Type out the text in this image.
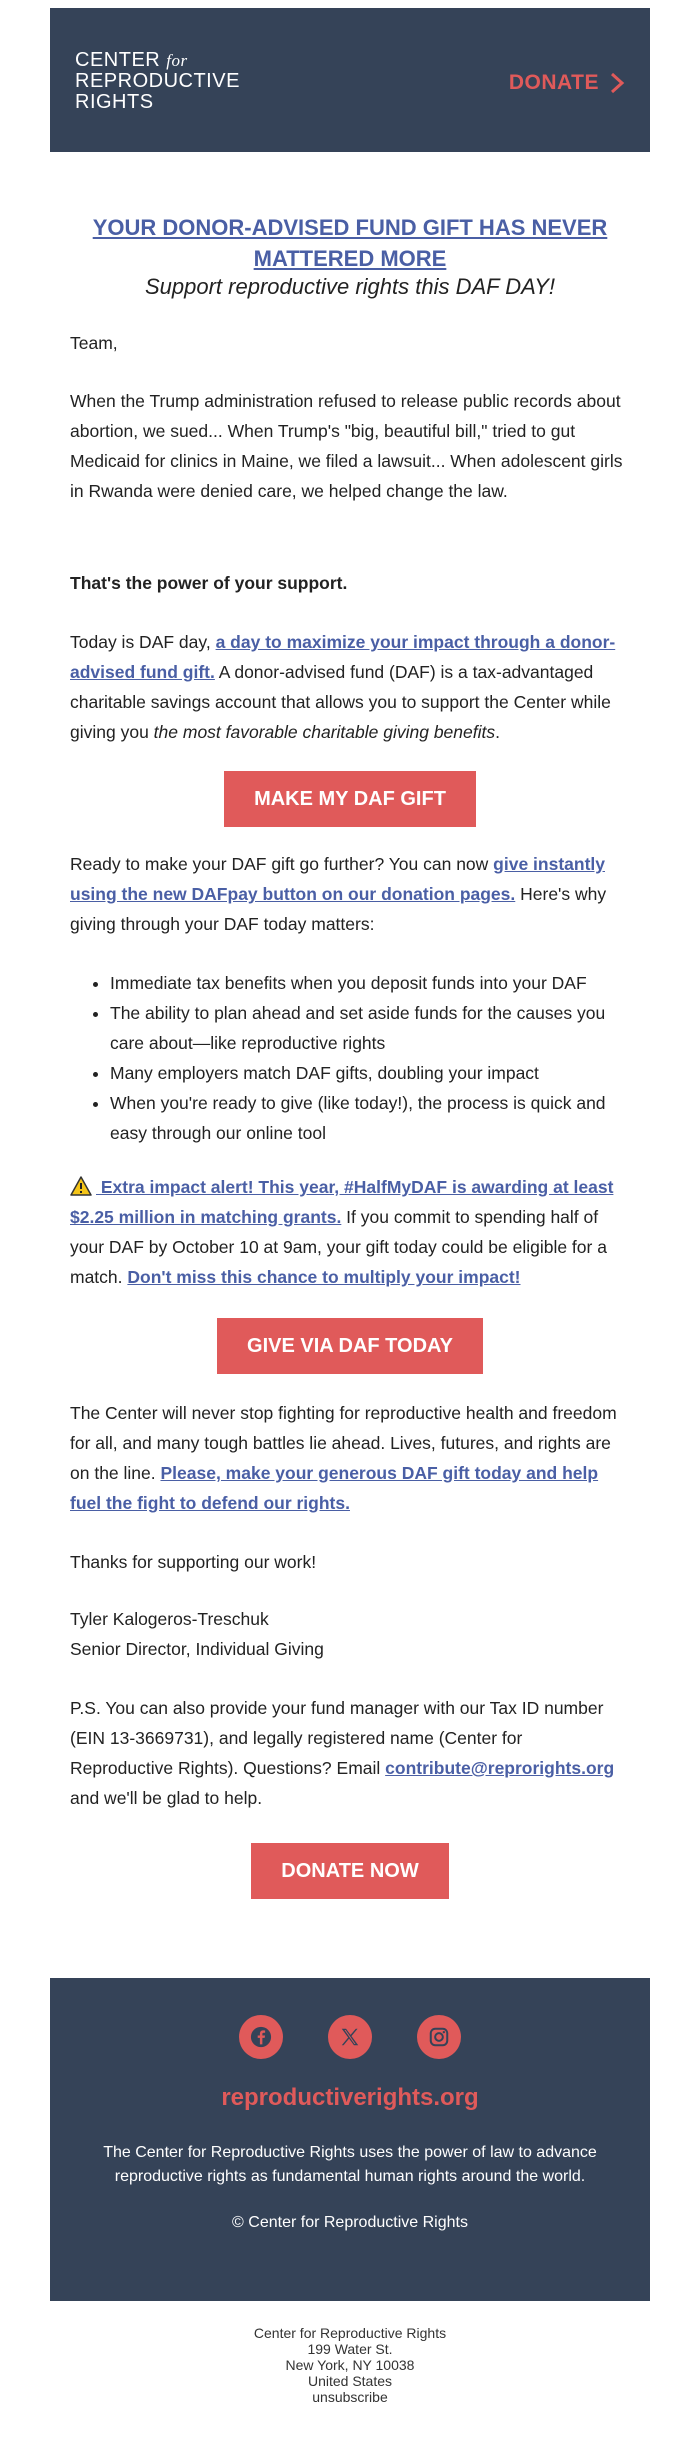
CENTER for
REPRODUCTIVE
RIGHTS
DONATE
YOUR DONOR-ADVISED FUND GIFT HAS NEVER MATTERED MORE
Support reproductive rights this DAF DAY!
Team,
When the Trump administration refused to release public records about abortion, we sued... When Trump's "big, beautiful bill," tried to gut Medicaid for clinics in Maine, we filed a lawsuit... When adolescent girls in Rwanda were denied care, we helped change the law.
That's the power of your support.
Today is DAF day, a day to maximize your impact through a donor-advised fund gift. A donor-advised fund (DAF) is a tax-advantaged charitable savings account that allows you to support the Center while giving you the most favorable charitable giving benefits.
MAKE MY DAF GIFT
Ready to make your DAF gift go further? You can now give instantly using the new DAFpay button on our donation pages. Here's why giving through your DAF today matters:
• Immediate tax benefits when you deposit funds into your DAF
• The ability to plan ahead and set aside funds for the causes you care about—like reproductive rights
• Many employers match DAF gifts, doubling your impact
• When you're ready to give (like today!), the process is quick and easy through our online tool
Extra impact alert! This year, #HalfMyDAF is awarding at least $2.25 million in matching grants. If you commit to spending half of your DAF by October 10 at 9am, your gift today could be eligible for a match. Don't miss this chance to multiply your impact!
GIVE VIA DAF TODAY
The Center will never stop fighting for reproductive health and freedom for all, and many tough battles lie ahead. Lives, futures, and rights are on the line. Please, make your generous DAF gift today and help fuel the fight to defend our rights.
Thanks for supporting our work!
Tyler Kalogeros-Treschuk
Senior Director, Individual Giving
P.S. You can also provide your fund manager with our Tax ID number (EIN 13-3669731), and legally registered name (Center for Reproductive Rights). Questions? Email contribute@reprorights.org and we'll be glad to help.
DONATE NOW
reproductiverights.org
The Center for Reproductive Rights uses the power of law to advance reproductive rights as fundamental human rights around the world.
© Center for Reproductive Rights
Center for Reproductive Rights
199 Water St.
New York, NY 10038
United States
unsubscribe
